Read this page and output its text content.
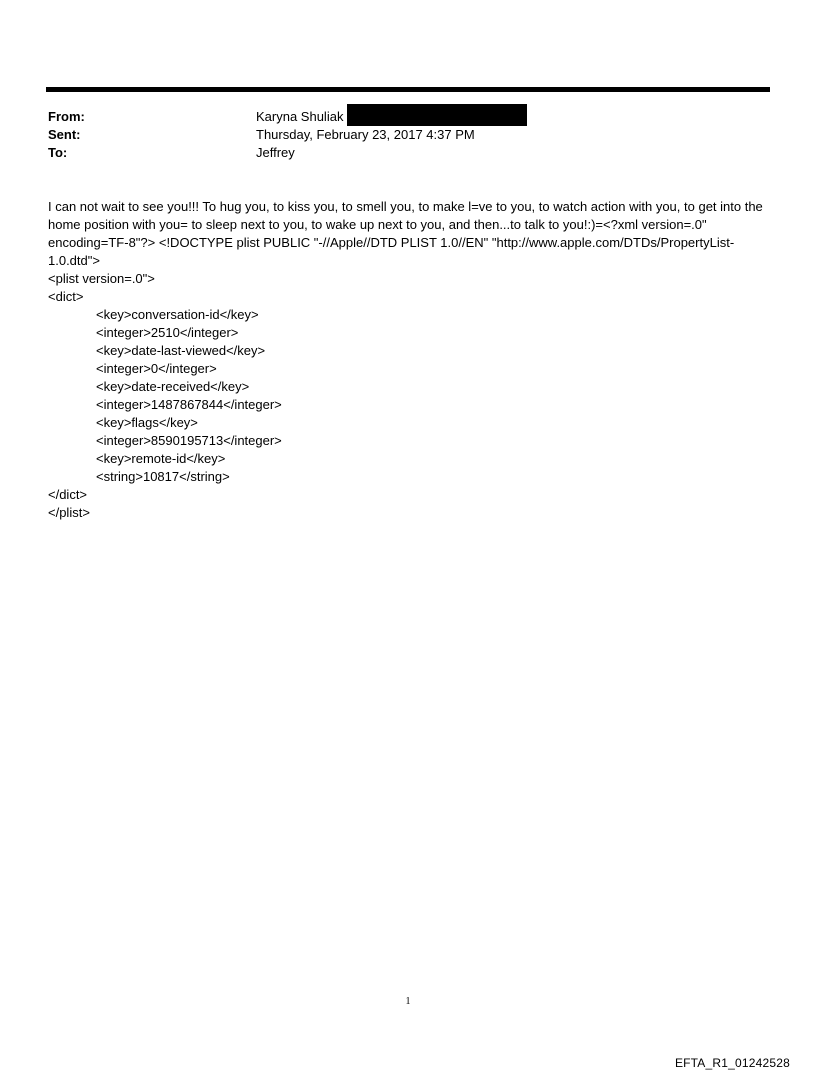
From:	Karyna Shuliak
Sent:	Thursday, February 23, 2017 4:37 PM
To:	Jeffrey

I can not wait to see you!!! To hug you, to kiss you, to smell you, to make l=ve to you, to watch action with you, to get into the home position with you= to sleep next to you, to wake up next to you, and then...to talk to you!:)=<?xml version=.0" encoding=TF-8"?> <!DOCTYPE plist PUBLIC "-//Apple//DTD PLIST 1.0//EN" "http://www.apple.com/DTDs/PropertyList-1.0.dtd">

<plist version=.0">
<dict>
<key>conversation-id</key>
<integer>2510</integer>
<key>date-last-viewed</key>
<integer>0</integer>
<key>date-received</key>
<integer>1487867844</integer>
<key>flags</key>
<integer>8590195713</integer>
<key>remote-id</key>
<string>10817</string>
</dict>
</plist>
1
EFTA_R1_01242528
